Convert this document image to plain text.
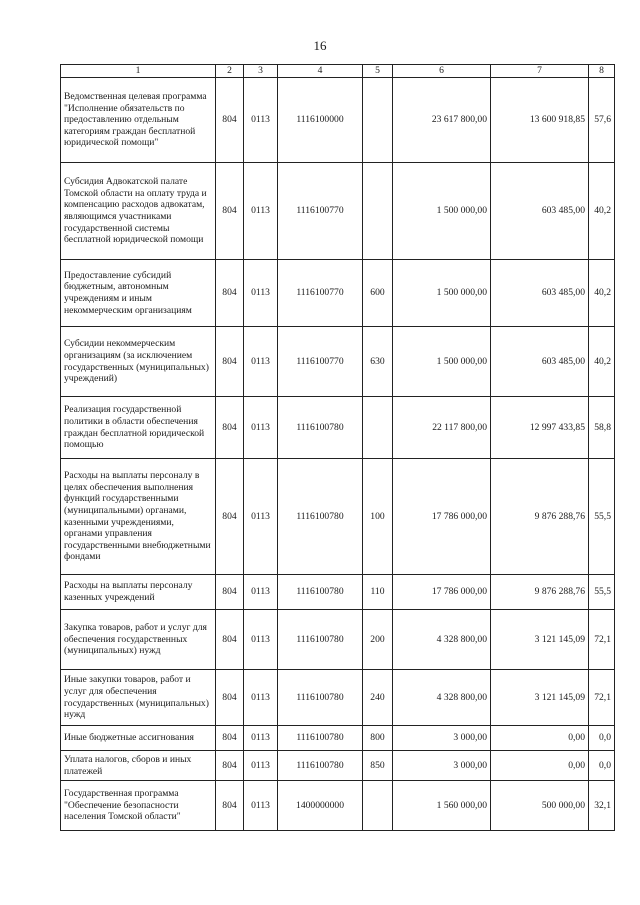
16
1	2	3	4	5	6	7	8
Ведомственная целевая программа "Исполнение обязательств по предоставлению отдельным категориям граждан бесплатной юридической помощи"	804	0113	1116100000		23 617 800,00	13 600 918,85	57,6
Субсидия Адвокатской палате Томской области на оплату труда и компенсацию расходов адвокатам, являющимся участниками государственной системы бесплатной юридической помощи	804	0113	1116100770		1 500 000,00	603 485,00	40,2
Предоставление субсидий бюджетным, автономным учреждениям и иным некоммерческим организациям	804	0113	1116100770	600	1 500 000,00	603 485,00	40,2
Субсидии некоммерческим организациям (за исключением государственных (муниципальных) учреждений)	804	0113	1116100770	630	1 500 000,00	603 485,00	40,2
Реализация государственной политики в области обеспечения граждан бесплатной юридической помощью	804	0113	1116100780		22 117 800,00	12 997 433,85	58,8
Расходы на выплаты персоналу в целях обеспечения выполнения функций государственными (муниципальными) органами, казенными учреждениями, органами управления государственными внебюджетными фондами	804	0113	1116100780	100	17 786 000,00	9 876 288,76	55,5
Расходы на выплаты персоналу казенных учреждений	804	0113	1116100780	110	17 786 000,00	9 876 288,76	55,5
Закупка товаров, работ и услуг для обеспечения государственных (муниципальных) нужд	804	0113	1116100780	200	4 328 800,00	3 121 145,09	72,1
Иные закупки товаров, работ и услуг для обеспечения государственных (муниципальных) нужд	804	0113	1116100780	240	4 328 800,00	3 121 145,09	72,1
Иные бюджетные ассигнования	804	0113	1116100780	800	3 000,00	0,00	0,0
Уплата налогов, сборов и иных платежей	804	0113	1116100780	850	3 000,00	0,00	0,0
Государственная программа "Обеспечение безопасности населения Томской области"	804	0113	1400000000		1 560 000,00	500 000,00	32,1
